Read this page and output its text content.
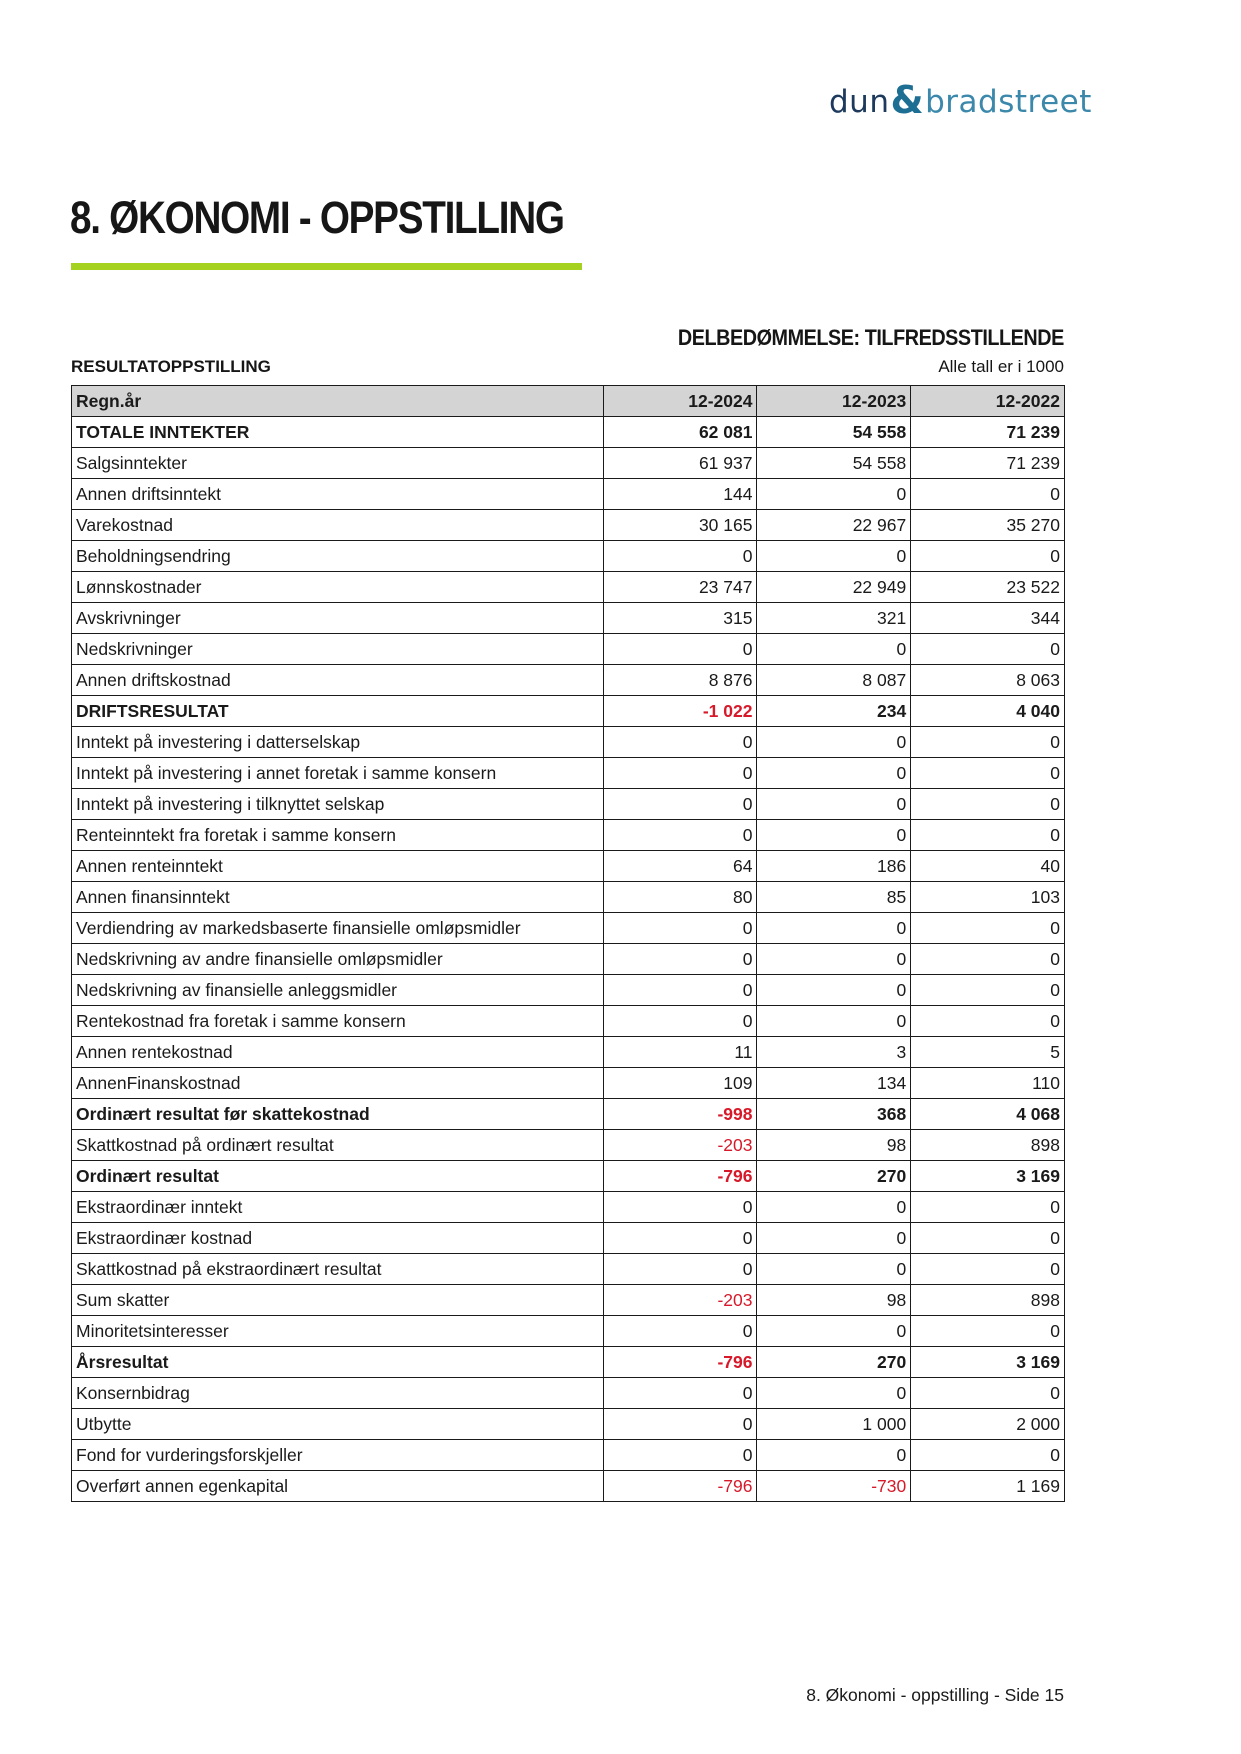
dun & bradstreet
8. ØKONOMI - OPPSTILLING
DELBEDØMMELSE: TILFREDSSTILLENDE
RESULTATOPPSTILLING	Alle tall er i 1000
Regn.år	12-2024	12-2023	12-2022
TOTALE INNTEKTER	62 081	54 558	71 239
Salgsinntekter	61 937	54 558	71 239
Annen driftsinntekt	144	0	0
Varekostnad	30 165	22 967	35 270
Beholdningsendring	0	0	0
Lønnskostnader	23 747	22 949	23 522
Avskrivninger	315	321	344
Nedskrivninger	0	0	0
Annen driftskostnad	8 876	8 087	8 063
DRIFTSRESULTAT	-1 022	234	4 040
Inntekt på investering i datterselskap	0	0	0
Inntekt på investering i annet foretak i samme konsern	0	0	0
Inntekt på investering i tilknyttet selskap	0	0	0
Renteinntekt fra foretak i samme konsern	0	0	0
Annen renteinntekt	64	186	40
Annen finansinntekt	80	85	103
Verdiendring av markedsbaserte finansielle omløpsmidler	0	0	0
Nedskrivning av andre finansielle omløpsmidler	0	0	0
Nedskrivning av finansielle anleggsmidler	0	0	0
Rentekostnad fra foretak i samme konsern	0	0	0
Annen rentekostnad	11	3	5
AnnenFinanskostnad	109	134	110
Ordinært resultat før skattekostnad	-998	368	4 068
Skattkostnad på ordinært resultat	-203	98	898
Ordinært resultat	-796	270	3 169
Ekstraordinær inntekt	0	0	0
Ekstraordinær kostnad	0	0	0
Skattkostnad på ekstraordinært resultat	0	0	0
Sum skatter	-203	98	898
Minoritetsinteresser	0	0	0
Årsresultat	-796	270	3 169
Konsernbidrag	0	0	0
Utbytte	0	1 000	2 000
Fond for vurderingsforskjeller	0	0	0
Overført annen egenkapital	-796	-730	1 169
8. Økonomi - oppstilling - Side 15
